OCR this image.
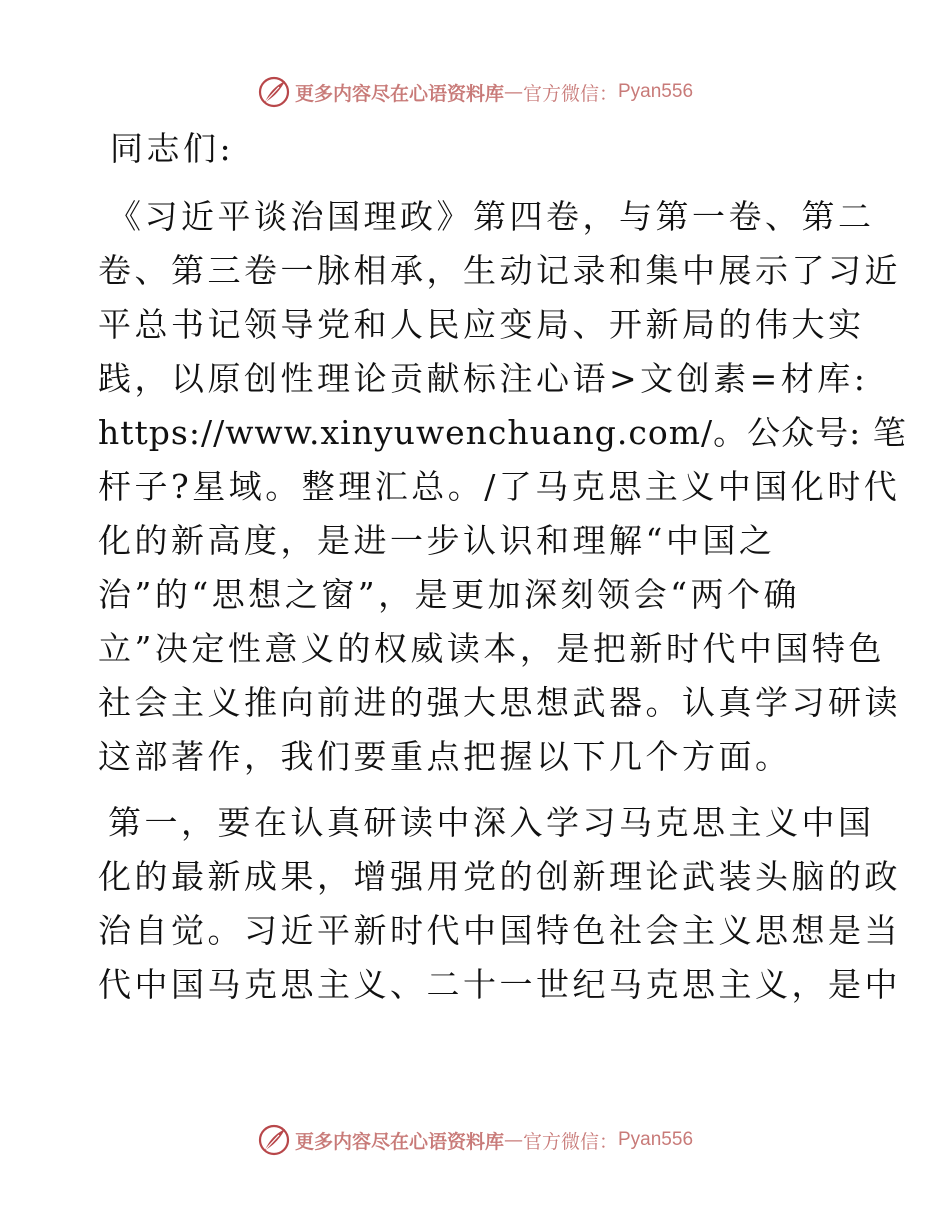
更多内容尽在心语资料库 — 官方微信： Pyan556
同志们:
《习近平谈治国理政》第四卷，与第一卷、第二
卷、第三卷一脉相承，生动记录和集中展示了习近
平总书记领导党和人民应变局、开新局的伟大实
践，以原创性理论贡献标注心语>文创素=材库:
https://www.xinyuwenchuang.com/。公众号: 笔
杆子?星域。整理汇总。/了马克思主义中国化时代
化的新高度，是进一步认识和理解“中国之
治”的“思想之窗”，是更加深刻领会“两个确
立”决定性意义的权威读本，是把新时代中国特色
社会主义推向前进的强大思想武器。认真学习研读
这部著作，我们要重点把握以下几个方面。
第一，要在认真研读中深入学习马克思主义中国
化的最新成果，增强用党的创新理论武装头脑的政
治自觉。习近平新时代中国特色社会主义思想是当
代中国马克思主义、二十一世纪马克思主义，是中
更多内容尽在心语资料库 — 官方微信： Pyan556
